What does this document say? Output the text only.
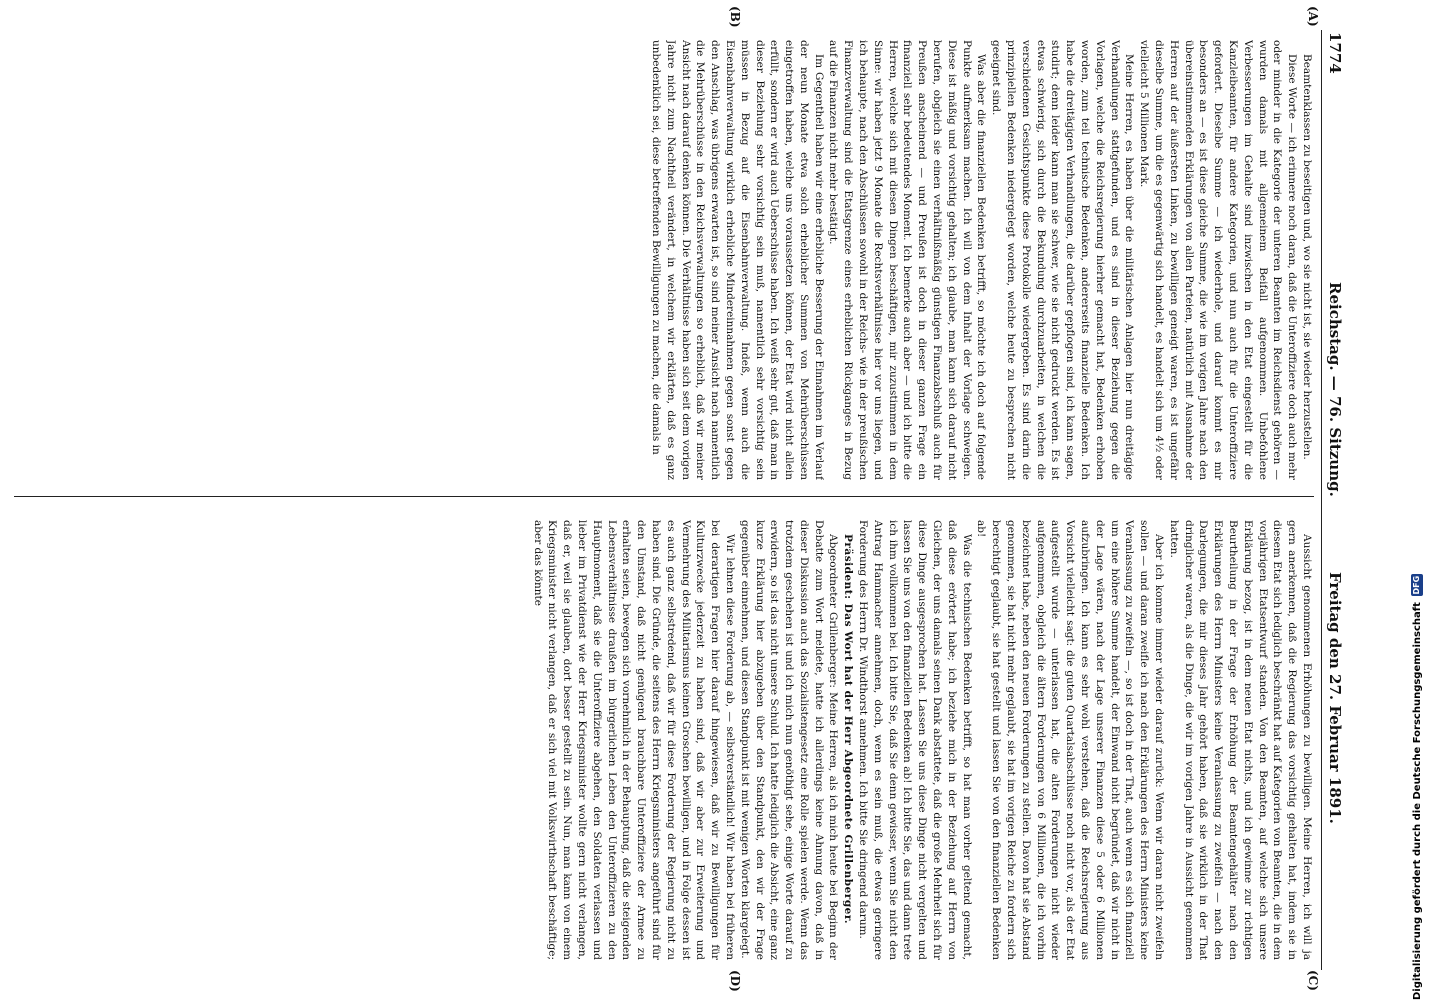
1774
Reichstag. — 76. Sitzung.
Freitag den 27. Februar 1891.
(A)
(B)
(C)
(D)

Beamtenklassen zu beseitigen und, wo sie nicht ist, sie wieder herzustellen.

Diese Worte — ich erinnere noch daran, daß die Unteroffiziere doch auch mehr oder minder in die Kategorie der unteren Beamten im Reichsdienst gehören — wurden damals mit allgemeinem Beifall aufgenommen. Unbefohlene Verbesserungen im Gehalte sind inzwischen in den Etat eingestellt für die Kanzleibeamten, für andere Kategorien, und nun auch für die Unteroffiziere gefordert. Dieselbe Summe — ich wiederhole, und darauf kommt es mir besonders an — es ist diese gleiche Summe, die wie im vorigen Jahre nach den übereinstimmenden Erklärungen von allen Parteien, natürlich mit Ausnahme der Herren auf der äußersten Linken, zu bewilligen geneigt waren, es ist ungefähr dieselbe Summe, um die es gegenwärtig sich handelt, es handelt sich um 4½ oder vielleicht 5 Millionen Mark.

Meine Herren, es haben über die militärischen Anlagen hier nun dreitägige Verhandlungen stattgefunden, und es sind in dieser Beziehung gegen die Vorlagen, welche die Reichsregierung hierher gemacht hat, Bedenken erhoben worden, zum teil technische Bedenken, andererseits finanzielle Bedenken. Ich habe die dreitägigen Verhandlungen, die darüber gepflogen sind, ich kann sagen, studirt; denn leider kann man sie schwer, wie sie nicht gedruckt werden. Es ist etwas schwierig, sich durch die Bekundung durchzuarbeiten, in welchen die verschiedenen Gesichtspunkte diese Protokolle wiedergeben. Es sind darin die prinzipiellen Bedenken niedergelegt worden, welche heute zu besprechen nicht geeignet sind.

Was aber die finanziellen Bedenken betrifft, so möchte ich doch auf folgende Punkte aufmerksam machen. Ich will von dem Inhalt der Vorlage schweigen. Diese ist mäßig und vorsichtig gehalten; ich glaube, man kann sich darauf nicht berufen, obgleich sie einen verhältnißmäßig günstigen Finanzabschluß auch für Preußen anscheinend — und Preußen ist doch in dieser ganzen Frage ein finanziell sehr bedeutendes Moment. Ich bemerke auch aber — und ich bitte die Herren, welche sich mit diesen Dingen beschäftigen, mir zuzustimmen in dem Sinne: wir haben jetzt 9 Monate die Rechtsverhältnisse hier vor uns liegen, und ich behaupte, nach den Abschlüssen sowohl in der Reichs- wie in der preußischen Finanzverwaltung sind die Etatsgrenze eines erheblichen Rückganges in Bezug auf die Finanzen nicht mehr bestätigt.

Im Gegentheil haben wir eine erhebliche Besserung der Einnahmen im Verlauf der neun Monate etwa solch erheblicher Summen von Mehrüberschüssen eingetroffen haben, welche uns voraussetzen können, der Etat wird nicht allein erfüllt, sondern er wird auch Ueberschüsse haben. Ich weiß sehr gut, daß man in dieser Beziehung sehr vorsichtig sein muß, namentlich sehr vorsichtig sein müssen in Bezug auf die Eisenbahnverwaltung. Indeß, wenn auch die Eisenbahnverwaltung wirklich erhebliche Mindereinnahmen gegen sonst gegen den Anschlag, was übrigens erwarten ist, so sind meiner Ansicht nach namentlich die Mehrüberschüsse in den Reichsverwaltungen so erheblich, daß wir meiner Ansicht nach darauf denken können. Die Verhältnisse haben sich seit dem vorigen Jahre nicht zum Nachtheil verändert, in welchem wir erklärten, daß es ganz unbedenklich sei, diese betreffenden Bewilligungen zu machen, die damals in

Aussicht genommenen Erhöhungen zu bewilligen. Meine Herren, ich will ja gern anerkennen, daß die Regierung das vorsichtig gehalten hat, indem sie in diesem Etat sich lediglich beschränkt hat auf Kategorien von Beamten, die in dem vorjährigen Etatsentwurf standen. Von den Beamten, auf welche sich unsere Erklärung bezog, ist in dem neuen Etat nichts, und ich gewinne zur richtigen Beurtheilung in der Frage der Erhöhung der Beamtengehälter nach den Erklärungen des Herrn Ministers keine Veranlassung zu zweifeln — nach den Darlegungen, die mir dieses Jahr gehört haben, daß sie wirklich in der That dringlicher waren, als die Dinge, die wir im vorigen Jahre in Aussicht genommen hatten.

Aber ich komme immer wieder darauf zurück: Wenn wir daran nicht zweifeln sollen — und daran zweifle ich nach den Erklärungen des Herrn Ministers keine Veranlassung zu zweifeln —, so ist doch in der That, auch wenn es sich finanziell um eine höhere Summe handelt, der Einwand nicht begründet, daß wir nicht in der Lage wären, nach der Lage unserer Finanzen diese 5 oder 6 Millionen aufzubringen. Ich kann es sehr wohl verstehen, daß die Reichsregierung aus Vorsicht vielleicht sagt: die guten Quartalsabschlüsse noch nicht vor, als der Etat aufgestellt wurde — unterlassen hat, die alten Forderungen nicht wieder aufgenommen, obgleich die ältern Forderungen von 6 Millionen, die ich vorhin bezeichnet habe, neben den neuen Forderungen zu stellen. Davon hat sie Abstand genommen, sie hat nicht mehr geglaubt, sie hat im vorigen Reiche zu fordern sich berechtigt geglaubt, sie hat gestellt und lassen Sie von den finanziellen Bedenken ab!

Was die technischen Bedenken betrifft, so hat man vorher geltend gemacht, daß diese erörtert habe; ich beziehe mich in der Beziehung auf Herrn von Gleichen, der uns damals seinen Dank abstattete, daß die große Mehrheit sich für diese Dinge ausgesprochen hat. Lassen Sie uns diese Dinge nicht vergelten und lassen Sie uns von den finanziellen Bedenken ab! Ich bitte Sie, das und dann trete ich ihm vollkommen bei. Ich bitte Sie, daß Sie denn gewisser, wenn Sie nicht den Antrag Hammacher annehmen, doch, wenn es sein muß, die etwas geringere Forderung des Herrn Dr. Windthorst annehmen. Ich bitte Sie dringend darum.

Präsident: Das Wort hat der Herr Abgeordnete Grillenberger.

Abgeordneter Grillenberger: Meine Herren, als ich mich heute bei Beginn der Debatte zum Wort meldete, hatte ich allerdings keine Ahnung davon, daß in dieser Diskussion auch das Sozialistengesetz eine Rolle spielen werde. Wenn das trotzdem geschehen ist und ich mich nun genöthigt sehe, einige Worte darauf zu erwidern, so ist das nicht unsere Schuld. Ich hatte lediglich die Absicht, eine ganz kurze Erklärung hier abzugeben über den Standpunkt, den wir der Frage gegenüber einnehmen, und diesen Standpunkt ist mit wenigen Worten klargelegt.

Wir lehnen diese Forderung ab, — selbstverständlich! Wir haben bei früheren bei derartigen Fragen hier darauf hingewiesen, daß wir zu Bewilligungen für Kulturzwecke jederzeit zu haben sind, daß wir aber zur Erweiterung und Vermehrung des Militarismus keinen Groschen bewilligen, und in Folge dessen ist es auch ganz selbstredend, daß wir für diese Forderung der Regierung nicht zu haben sind. Die Gründe, die seitens des Herrn Kriegsministers angeführt sind für den Umstand, daß nicht genügend brauchbare Unteroffiziere der Armee zu erhalten seien, bewegen sich vornehmlich in der Behauptung, daß die steigenden Lebensverhältnisse draußen im bürgerlichen Leben den Unteroffizieren zu den Hauptmoment, daß sie die Unteroffiziere abgehen, den Soldaten verlassen und lieber im Privatdienst wie der Herr Kriegsminister wollte gern nicht verlangen, daß er, weil sie glauben, dort besser gestellt zu sein. Nun, man kann von einem Kriegsminister nicht verlangen, daß er sich viel mit Volkswirthschaft beschäftige; aber das könnte

Digitalisierung gefördert durch die Deutsche Forschungsgemeinschaft
DFG
